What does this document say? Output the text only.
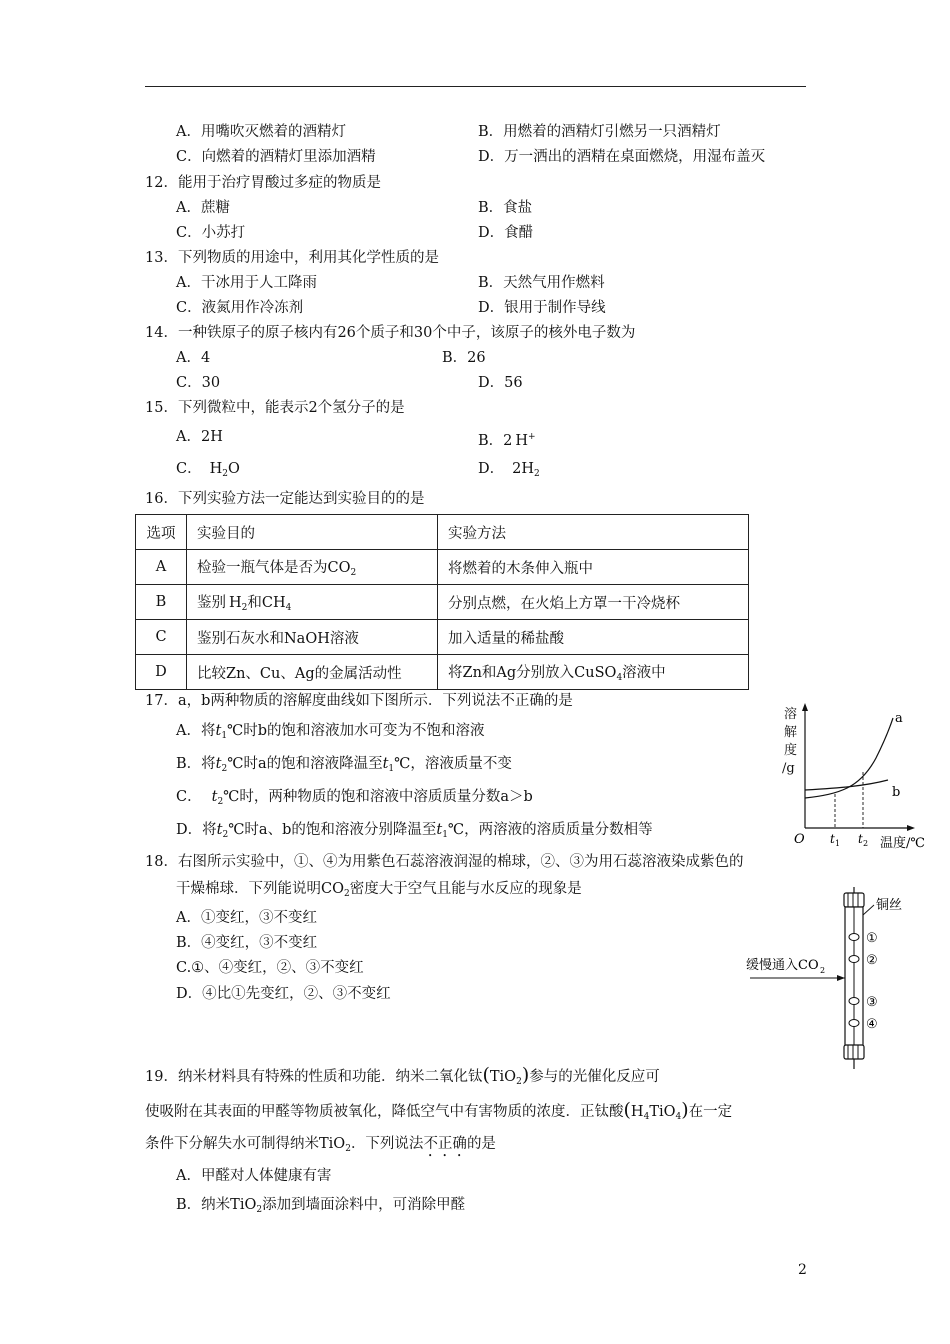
A．用嘴吹灭燃着的酒精灯	B．用燃着的酒精灯引燃另一只酒精灯
C．向燃着的酒精灯里添加酒精	D．万一洒出的酒精在桌面燃烧，用湿布盖灭
12．能用于治疗胃酸过多症的物质是
A．蔗糖	B．食盐
C．小苏打	D．食醋
13．下列物质的用途中，利用其化学性质的是
A．干冰用于人工降雨	B．天然气用作燃料
C．液氮用作冷冻剂	D．银用于制作导线
14．一种铁原子的原子核内有26个质子和30个中子，该原子的核外电子数为
A．4	B．26
C．30	D．56
15．下列微粒中，能表示2个氢分子的是
A．2H	B．2 H+
C． $H_2O$	D． $2H_2$
16．下列实验方法一定能达到实验目的的是
选项	实验目的	实验方法
A	检验一瓶气体是否为$CO_2$	将燃着的木条伸入瓶中
B	鉴别 $H_2$和$CH_4$	分别点燃，在火焰上方罩一干冷烧杯
C	鉴别石灰水和NaOH溶液	加入适量的稀盐酸
D	比较Zn、Cu、Ag的金属活动性	将Zn和Ag分别放入CuSO$_4$溶液中
17．a，b两种物质的溶解度曲线如下图所示．下列说法不正确的是
A．将$t_1℃$时b的饱和溶液加水可变为不饱和溶液
B．将$t_2℃$时a的饱和溶液降温至$t_1℃$，溶液质量不变
C． $t_2℃$时，两种物质的饱和溶液中溶质质量分数a＞b
D．将$t_2℃$时a、b的饱和溶液分别降温至$t_1℃$，两溶液的溶质质量分数相等
溶
解
度
/g
a
b
O t 1 t 2 温度/℃
18．右图所示实验中，①、④为用紫色石蕊溶液润湿的棉球，②、③为用石蕊溶液染成紫色的
干燥棉球．下列能说明$CO_2$密度大于空气且能与水反应的现象是
A．①变红，③不变红
B．④变红，③不变红
C.①、④变红，②、③不变红
D．④比①先变红，②、③不变红
铜丝
缓慢通入CO 2
①
②
③
④
19．纳米材料具有特殊的性质和功能．纳米二氧化钛(TiO$_2$)参与的光催化反应可
使吸附在其表面的甲醛等物质被氧化，降低空气中有害物质的浓度．正钛酸$(H_4TiO_4)$在一定
条件下分解失水可制得纳米TiO$_2$．下列说法不正确的是
A．甲醛对人体健康有害
B．纳米TiO$_2$添加到墙面涂料中，可消除甲醛
2
